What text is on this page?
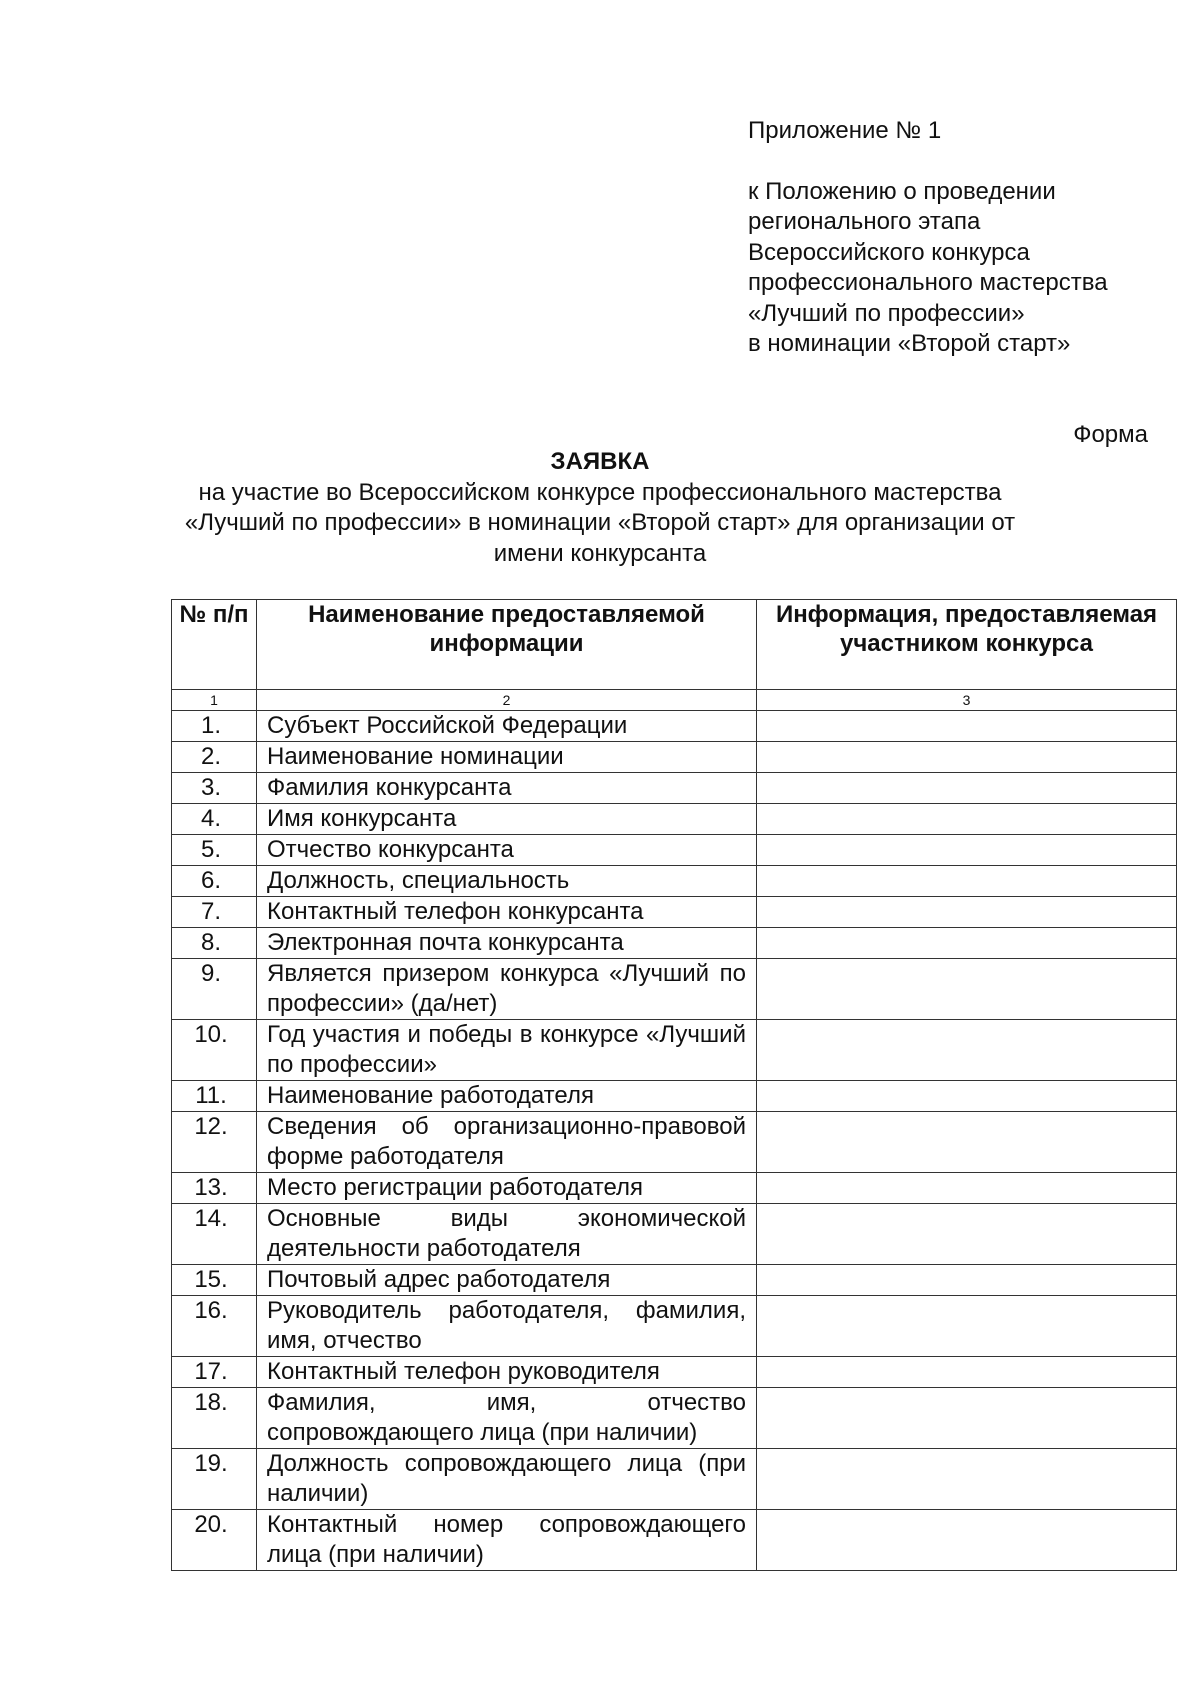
Приложение № 1
к Положению о проведении
регионального этапа
Всероссийского конкурса
профессионального мастерства
«Лучший по профессии»
в номинации «Второй старт»
Форма
ЗАЯВКА
на участие во Всероссийском конкурсе профессионального мастерства
«Лучший по профессии» в номинации «Второй старт» для организации от
имени конкурсанта
№ п/п	Наименование предоставляемой информации	Информация, предоставляемая участником конкурса

1	2	3
1.	Субъект Российской Федерации	
2.	Наименование номинации	
3.	Фамилия конкурсанта	
4.	Имя конкурсанта	
5.	Отчество конкурсанта	
6.	Должность, специальность	
7.	Контактный телефон конкурсанта	
8.	Электронная почта конкурсанта	
9.	Является призером конкурса «Лучший по профессии» (да/нет)	
10.	Год участия и победы в конкурсе «Лучший по профессии»	
11.	Наименование работодателя	
12.	Сведения об организационно-правовой форме работодателя	
13.	Место регистрации работодателя	
14.	Основные виды экономической деятельности работодателя	
15.	Почтовый адрес работодателя	
16.	Руководитель работодателя, фамилия, имя, отчество	
17.	Контактный телефон руководителя	
18.	Фамилия, имя, отчество сопровождающего лица (при наличии)	
19.	Должность сопровождающего лица (при наличии)	
20.	Контактный номер сопровождающего лица (при наличии)	
